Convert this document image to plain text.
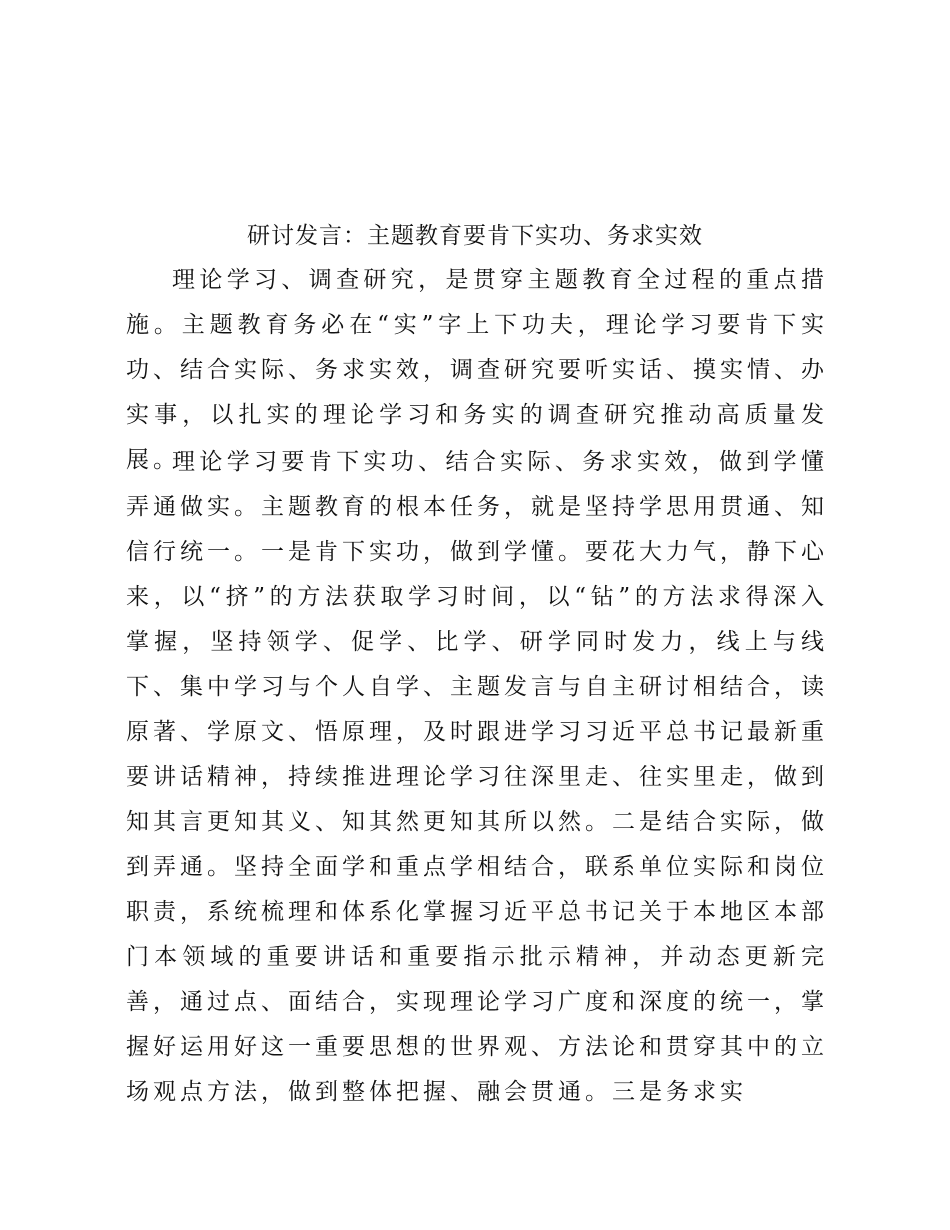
研讨发言：主题教育要肯下实功、务求实效

理论学习、调查研究，是贯穿主题教育全过程的重点措施。主题教育务必在“实”字上下功夫，理论学习要肯下实功、结合实际、务求实效，调查研究要听实话、摸实情、办实事，以扎实的理论学习和务实的调查研究推动高质量发展。

理论学习要肯下实功、结合实际、务求实效，做到学懂弄通做实。主题教育的根本任务，就是坚持学思用贯通、知信行统一。一是肯下实功，做到学懂。要花大力气，静下心来，以“挤”的方法获取学习时间，以“钻”的方法求得深入掌握，坚持领学、促学、比学、研学同时发力，线上与线下、集中学习与个人自学、主题发言与自主研讨相结合，读原著、学原文、悟原理，及时跟进学习习近平总书记最新重要讲话精神，持续推进理论学习往深里走、往实里走，做到知其言更知其义、知其然更知其所以然。二是结合实际，做到弄通。坚持全面学和重点学相结合，联系单位实际和岗位职责，系统梳理和体系化掌握习近平总书记关于本地区本部门本领域的重要讲话和重要指示批示精神，并动态更新完善，通过点、面结合，实现理论学习广度和深度的统一，掌握好运用好这一重要思想的世界观、方法论和贯穿其中的立场观点方法，做到整体把握、融会贯通。三是务求实
